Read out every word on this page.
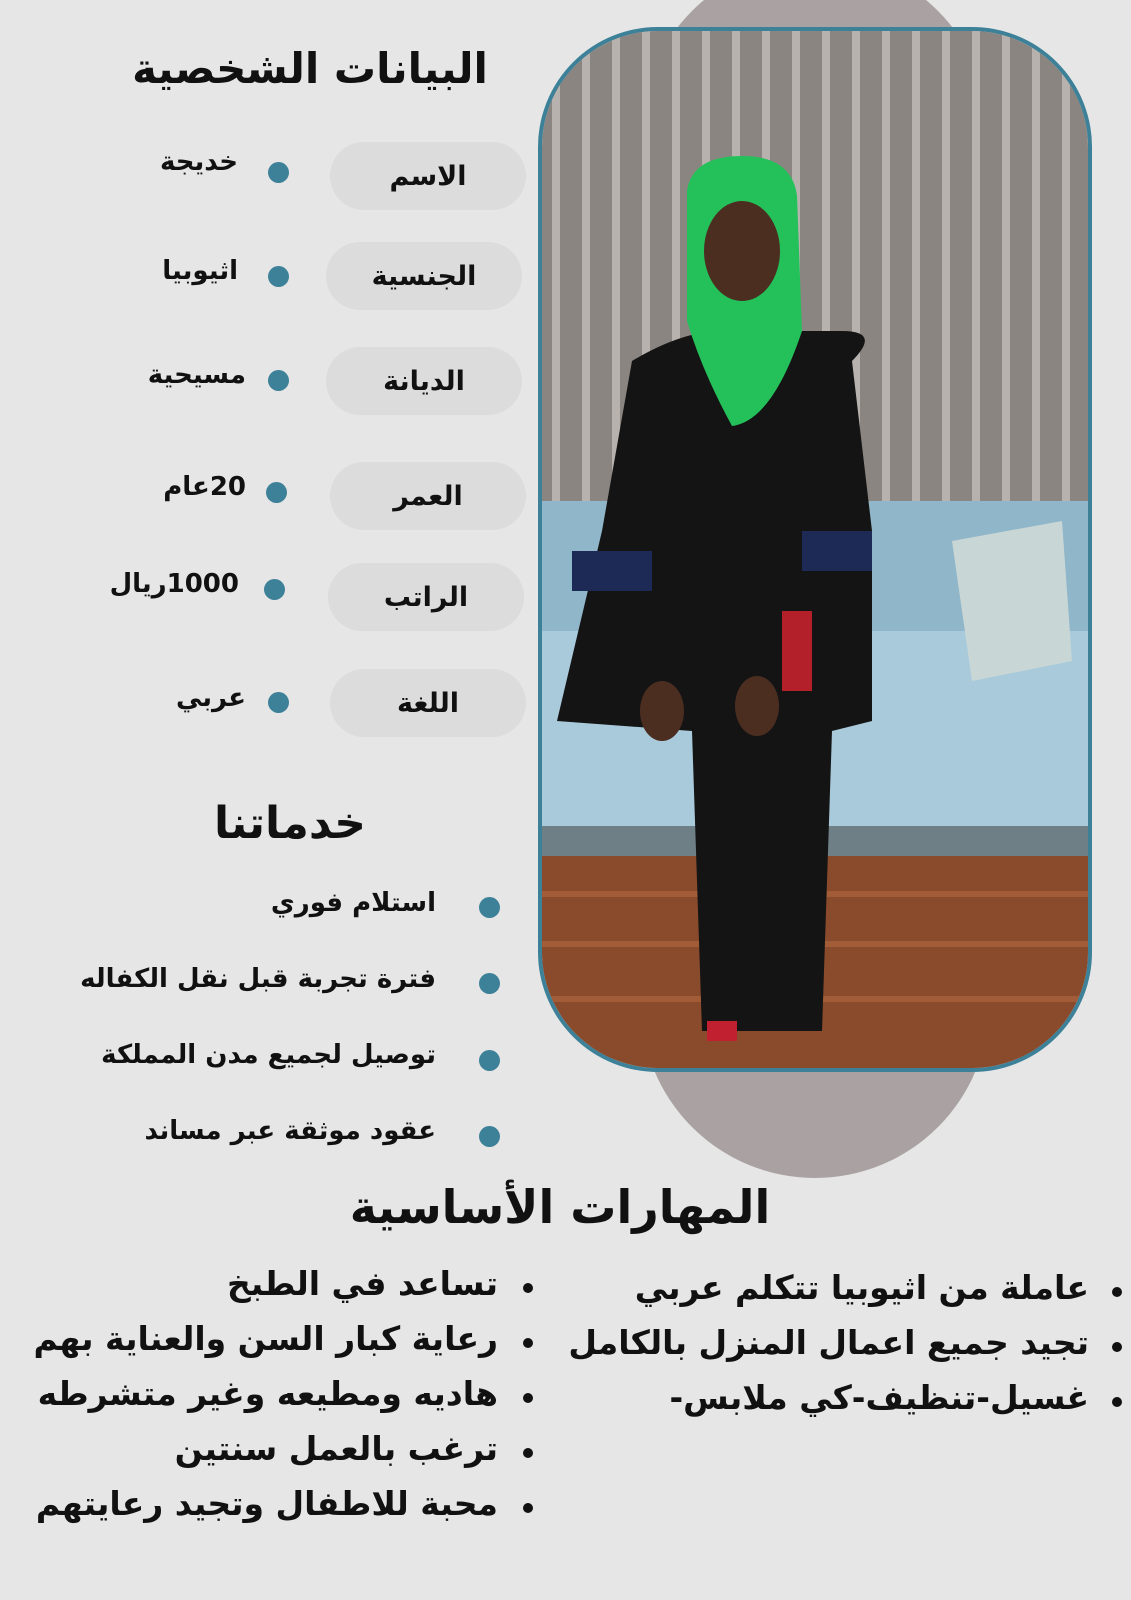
البيانات الشخصية
الاسم
خديجة
الجنسية
اثيوبيا
الديانة
مسيحية
العمر
20عام
الراتب
1000ريال
اللغة
عربي
خدماتنا
استلام فوري
فترة تجربة قبل نقل الكفاله
توصيل لجميع مدن المملكة
عقود موثقة عبر مساند
المهارات الأساسية
عاملة من اثيوبيا تتكلم عربي
تجيد جميع اعمال المنزل بالكامل
غسيل-تنظيف-كي ملابس-
تساعد في الطبخ
رعاية كبار السن والعناية بهم
هاديه ومطيعه وغير متشرطه
ترغب بالعمل سنتين
محبة للاطفال وتجيد رعايتهم
